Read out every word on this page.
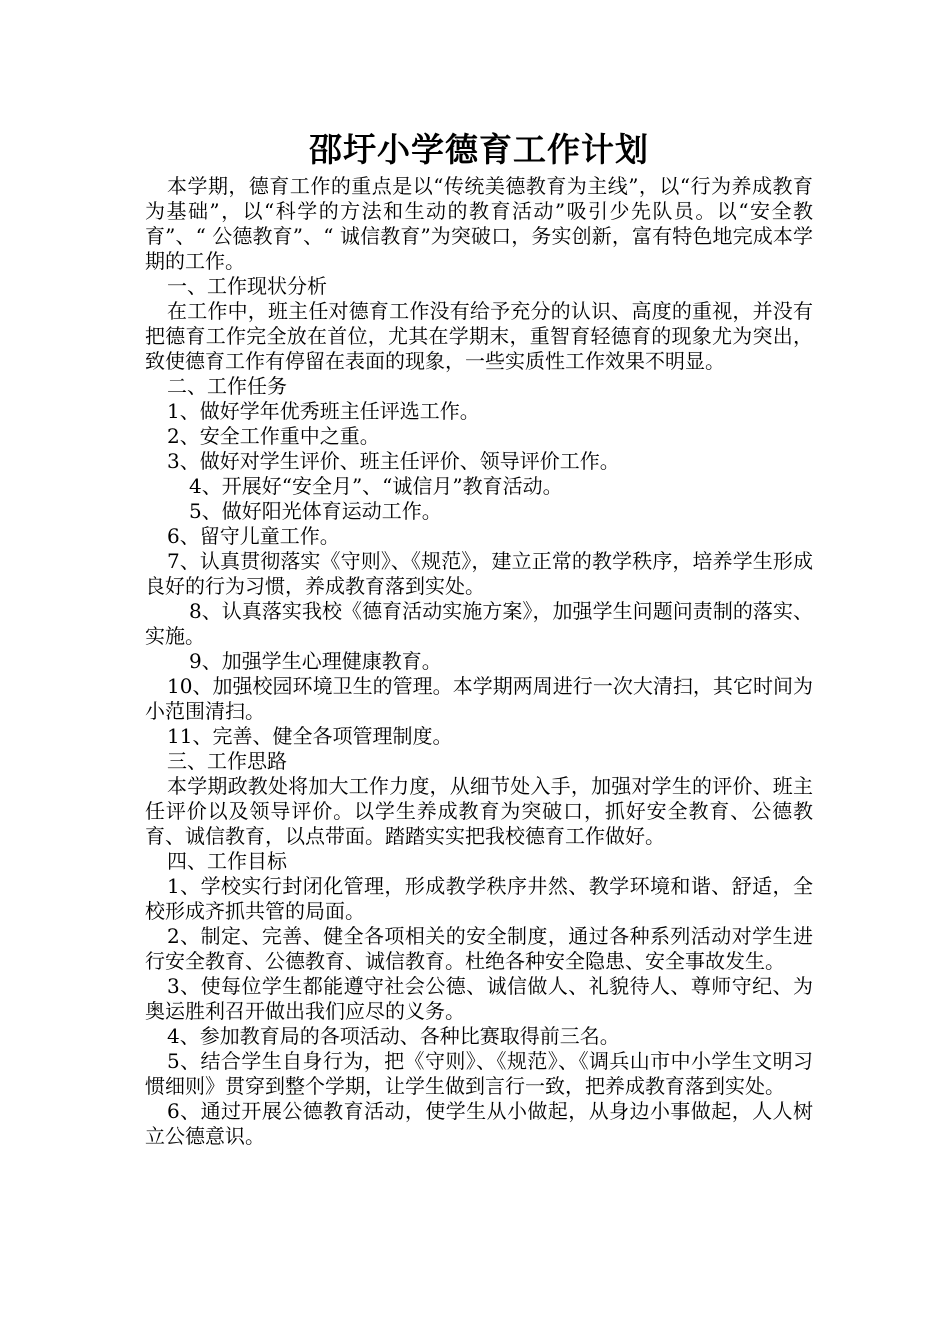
邵圩小学德育工作计划

本学期，德育工作的重点是以“传统美德教育为主线”，以“行为养成教育为基础”，以“科学的方法和生动的教育活动”吸引少先队员。以“安全教育”、“ 公德教育”、“ 诚信教育”为突破口，务实创新，富有特色地完成本学期的工作。

一、工作现状分析

在工作中，班主任对德育工作没有给予充分的认识、高度的重视，并没有把德育工作完全放在首位，尤其在学期末，重智育轻德育的现象尤为突出，致使德育工作有停留在表面的现象，一些实质性工作效果不明显。

二、工作任务

1、做好学年优秀班主任评选工作。

2、安全工作重中之重。

3、做好对学生评价、班主任评价、领导评价工作。

4、开展好“安全月”、“诚信月”教育活动。

5、做好阳光体育运动工作。

6、留守儿童工作。

7、认真贯彻落实《守则》、《规范》，建立正常的教学秩序，培养学生形成良好的行为习惯，养成教育落到实处。

8、认真落实我校《德育活动实施方案》，加强学生问题问责制的落实、实施。

9、加强学生心理健康教育。

10、加强校园环境卫生的管理。本学期两周进行一次大清扫，其它时间为小范围清扫。

11、完善、健全各项管理制度。

三、工作思路

本学期政教处将加大工作力度，从细节处入手，加强对学生的评价、班主任评价以及领导评价。以学生养成教育为突破口，抓好安全教育、公德教育、诚信教育，以点带面。踏踏实实把我校德育工作做好。

四、工作目标

1、学校实行封闭化管理，形成教学秩序井然、教学环境和谐、舒适，全校形成齐抓共管的局面。

2、制定、完善、健全各项相关的安全制度，通过各种系列活动对学生进行安全教育、公德教育、诚信教育。杜绝各种安全隐患、安全事故发生。

3、使每位学生都能遵守社会公德、诚信做人、礼貌待人、尊师守纪、为奥运胜利召开做出我们应尽的义务。

4、参加教育局的各项活动、各种比赛取得前三名。

5、结合学生自身行为，把《守则》、《规范》、《调兵山市中小学生文明习惯细则》贯穿到整个学期，让学生做到言行一致，把养成教育落到实处。

6、通过开展公德教育活动，使学生从小做起，从身边小事做起，人人树立公德意识。
